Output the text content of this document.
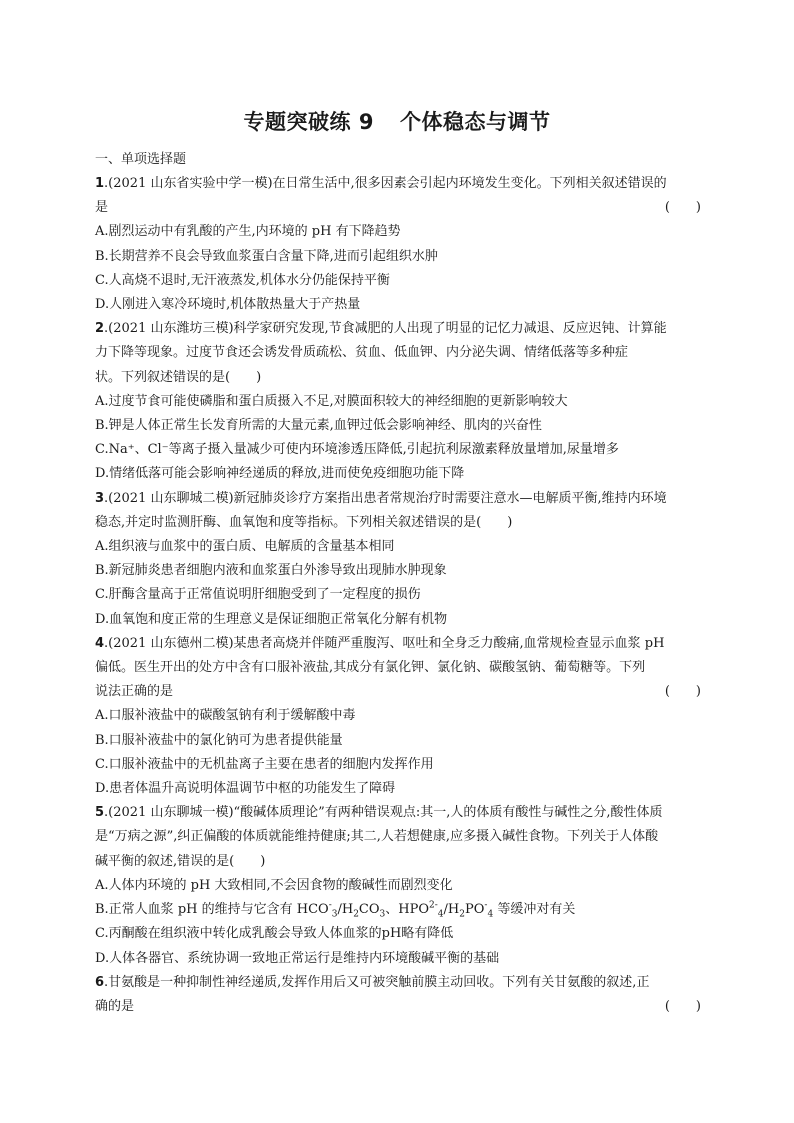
专题突破练 9 个体稳态与调节
一、单项选择题
1.(2021 山东省实验中学一模)在日常生活中,很多因素会引起内环境发生变化。下列相关叙述错误的
是	(　　)
A.剧烈运动中有乳酸的产生,内环境的 pH 有下降趋势
B.长期营养不良会导致血浆蛋白含量下降,进而引起组织水肿
C.人高烧不退时,无汗液蒸发,机体水分仍能保持平衡
D.人刚进入寒冷环境时,机体散热量大于产热量
2.(2021 山东潍坊三模)科学家研究发现,节食减肥的人出现了明显的记忆力减退、反应迟钝、计算能
力下降等现象。过度节食还会诱发骨质疏松、贫血、低血钾、内分泌失调、情绪低落等多种症
状。下列叙述错误的是(　　)
A.过度节食可能使磷脂和蛋白质摄入不足,对膜面积较大的神经细胞的更新影响较大
B.钾是人体正常生长发育所需的大量元素,血钾过低会影响神经、肌肉的兴奋性
C.Na⁺、Cl⁻等离子摄入量减少可使内环境渗透压降低,引起抗利尿激素释放量增加,尿量增多
D.情绪低落可能会影响神经递质的释放,进而使免疫细胞功能下降
3.(2021 山东聊城二模)新冠肺炎诊疗方案指出患者常规治疗时需要注意水—电解质平衡,维持内环境
稳态,并定时监测肝酶、血氧饱和度等指标。下列相关叙述错误的是(　　)
A.组织液与血浆中的蛋白质、电解质的含量基本相同
B.新冠肺炎患者细胞内液和血浆蛋白外渗导致出现肺水肿现象
C.肝酶含量高于正常值说明肝细胞受到了一定程度的损伤
D.血氧饱和度正常的生理意义是保证细胞正常氧化分解有机物
4.(2021 山东德州二模)某患者高烧并伴随严重腹泻、呕吐和全身乏力酸痛,血常规检查显示血浆 pH
偏低。医生开出的处方中含有口服补液盐,其成分有氯化钾、氯化钠、碳酸氢钠、葡萄糖等。下列
说法正确的是	(　　)
A.口服补液盐中的碳酸氢钠有利于缓解酸中毒
B.口服补液盐中的氯化钠可为患者提供能量
C.口服补液盐中的无机盐离子主要在患者的细胞内发挥作用
D.患者体温升高说明体温调节中枢的功能发生了障碍
5.(2021 山东聊城一模)“酸碱体质理论”有两种错误观点:其一,人的体质有酸性与碱性之分,酸性体质
是“万病之源”,纠正偏酸的体质就能维持健康;其二,人若想健康,应多摄入碱性食物。下列关于人体酸
碱平衡的叙述,错误的是(　　)
A.人体内环境的 pH 大致相同,不会因食物的酸碱性而剧烈变化
B.正常人血浆 pH 的维持与它含有 $HCO^-_3/H_2CO_3$、$HPO^{2-}_4/H_2PO^-_4$ 等缓冲对有关
C.丙酮酸在组织液中转化成乳酸会导致人体血浆的pH略有降低
D.人体各器官、系统协调一致地正常运行是维持内环境酸碱平衡的基础
6.甘氨酸是一种抑制性神经递质,发挥作用后又可被突触前膜主动回收。下列有关甘氨酸的叙述,正
确的是	(　　)
